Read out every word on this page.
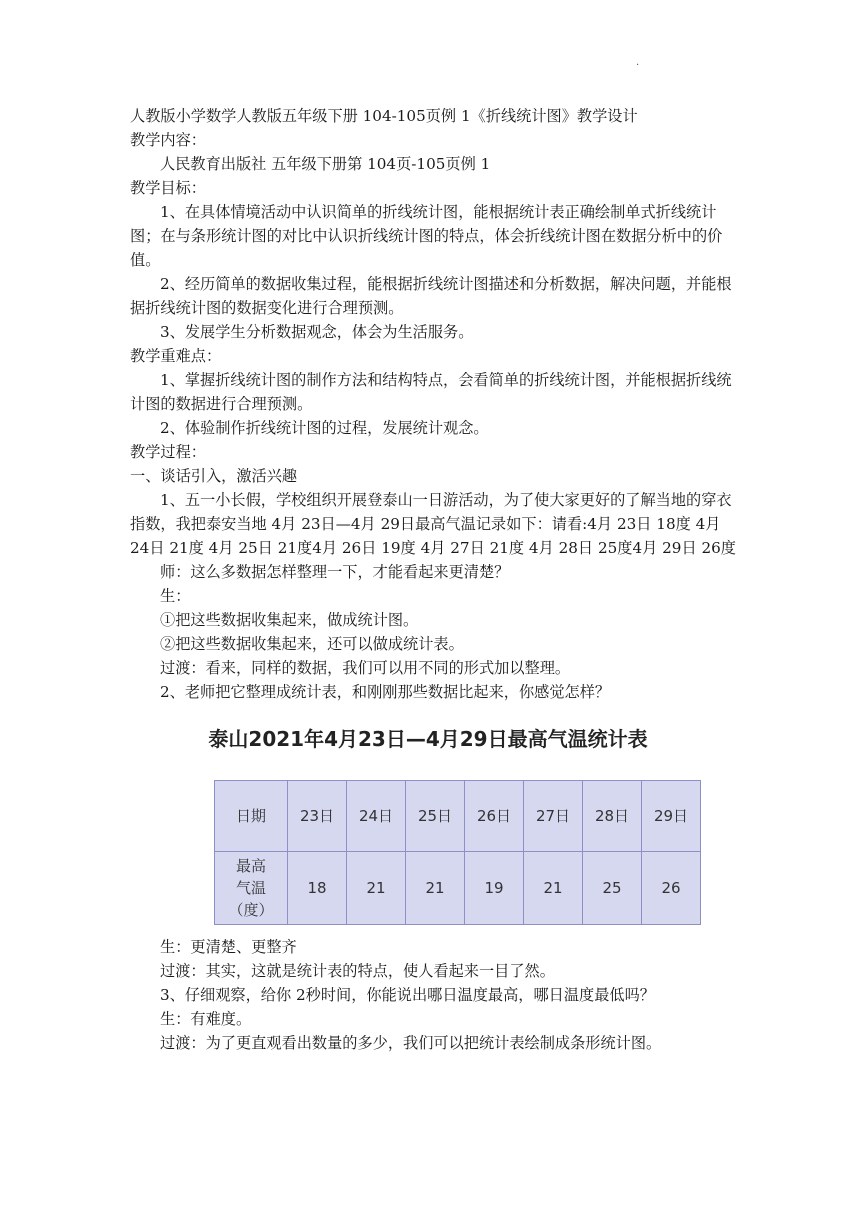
·
人教版小学数学人教版五年级下册 104-105页例 1《折线统计图》教学设计
教学内容：
人民教育出版社 五年级下册第 104页-105页例 1
教学目标：
1、在具体情境活动中认识简单的折线统计图，能根据统计表正确绘制单式折线统计图；在与条形统计图的对比中认识折线统计图的特点，体会折线统计图在数据分析中的价值。
2、经历简单的数据收集过程，能根据折线统计图描述和分析数据，解决问题，并能根据折线统计图的数据变化进行合理预测。
3、发展学生分析数据观念，体会为生活服务。
教学重难点：
1、掌握折线统计图的制作方法和结构特点，会看简单的折线统计图，并能根据折线统计图的数据进行合理预测。
2、体验制作折线统计图的过程，发展统计观念。
教学过程：
一、谈话引入，激活兴趣
1、五一小长假，学校组织开展登泰山一日游活动，为了使大家更好的了解当地的穿衣指数，我把泰安当地 4月 23日—4月 29日最高气温记录如下：请看:4月 23日 18度 4月 24日 21度 4月 25日 21度4月 26日 19度 4月 27日 21度 4月 28日 25度4月 29日 26度
师：这么多数据怎样整理一下，才能看起来更清楚？
生：
①把这些数据收集起来，做成统计图。
②把这些数据收集起来，还可以做成统计表。
过渡：看来，同样的数据，我们可以用不同的形式加以整理。
2、老师把它整理成统计表，和刚刚那些数据比起来，你感觉怎样？
泰山2021年4月23日—4月29日最高气温统计表
日期	23日	24日	25日	26日	27日	28日	29日

最高
气温
（度）	18	21	21	19	21	25	26
生：更清楚、更整齐
过渡：其实，这就是统计表的特点，使人看起来一目了然。
3、仔细观察，给你 2秒时间，你能说出哪日温度最高，哪日温度最低吗？
生：有难度。
过渡：为了更直观看出数量的多少，我们可以把统计表绘制成条形统计图。
